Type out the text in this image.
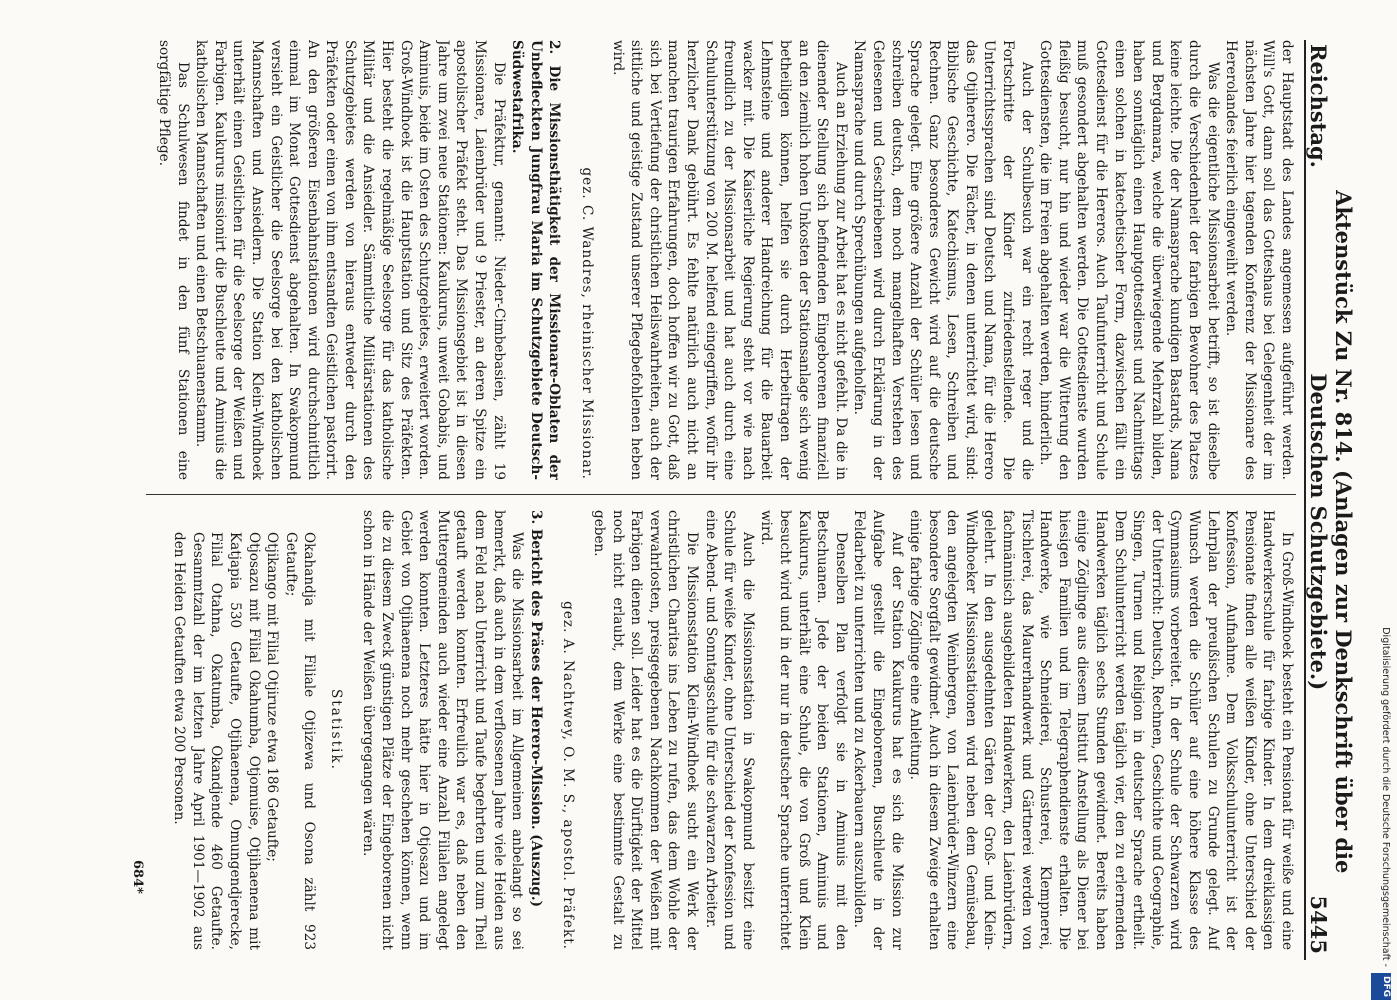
Reichstag.
Aktenstück Zu Nr. 814. (Anlagen zur Denkschrift über die Deutschen Schutzgebiete.)
5445

der Hauptstadt des Landes angemessen aufgeführt werden. Will's Gott, dann soll das Gotteshaus bei Gelegenheit der im nächsten Jahre hier tagenden Konferenz der Missionare des Hererolandes feierlich eingeweiht werden.

Was die eigentliche Missionsarbeit betrifft, so ist dieselbe durch die Verschiedenheit der farbigen Bewohner des Platzes keine leichte. Die der Namasprache kundigen Bastards, Nama und Bergdamara, welche die überwiegende Mehrzahl bilden, haben sonntäglich einen Hauptgottesdienst und Nachmittags einen solchen in katechetischer Form, dazwischen fällt ein Gottesdienst für die Hereros. Auch Taufunterricht und Schule muß gesondert abgehalten werden. Die Gottesdienste wurden fleißig besucht, nur hin und wieder war die Witterung den Gottesdiensten, die im Freien abgehalten werden, hinderlich.

Auch der Schulbesuch war ein recht reger und die Fortschritte der Kinder zufriedenstellende. Die Unterrichtssprachen sind Deutsch und Nama, für die Herero das Otjiherero. Die Fächer, in denen unterrichtet wird, sind: Biblische Geschichte, Katechismus, Lesen, Schreiben und Rechnen. Ganz besonderes Gewicht wird auf die deutsche Sprache gelegt. Eine größere Anzahl der Schüler lesen und schreiben deutsch, dem noch mangelhaften Verstehen des Gelesenen und Geschriebenen wird durch Erklärung in der Namasprache und durch Sprechübungen aufgeholfen.

Auch an Erziehung zur Arbeit hat es nicht gefehlt. Da die in dienender Stellung sich befindenden Eingeborenen finanziell an den ziemlich hohen Unkosten der Stationsanlage sich wenig betheiligen können, helfen sie durch Herbeitragen der Lehmsteine und anderer Handreichung für die Bauarbeit wacker mit. Die Kaiserliche Regierung steht vor wie nach freundlich zu der Missionsarbeit und hat auch durch eine Schulunterstützung von 200 M. helfend eingegriffen, wofür ihr herzlicher Dank gebührt. Es fehlte natürlich auch nicht an manchen traurigen Erfahrungen, doch hoffen wir zu Gott, daß sich bei Vertiefung der christlichen Heilswahrheiten, auch der sittliche und geistige Zustand unserer Pflegebefohlenen heben wird.

gez. C. Wandres, rheinischer Missionar.

2. Die Missionsthätigkeit der Missionare-Oblaten der Unbefleckten Jungfrau Maria im Schutzgebiete Deutsch-Südwestafrika.

Die Präfektur, genannt: Nieder-Cimbebasien, zählt 19 Missionare, Laienbrüder und 9 Priester, an deren Spitze ein apostolischer Präfekt steht. Das Missionsgebiet ist in diesen Jahre um zwei neue Stationen: Kaukurus, unweit Gobabis, und Aminuis, beide im Osten des Schutzgebietes, erweitert worden. Groß-Windhoek ist die Hauptstation und Sitz des Präfekten. Hier besteht die regelmäßige Seelsorge für das katholische Militär und die Ansiedler. Sämmtliche Militärstationen des Schutzgebietes werden von hieraus entweder durch den Präfekten oder einen von ihm entsandten Geistlichen pastorirt. An den größeren Eisenbahnstationen wird durchschnittlich einmal im Monat Gottesdienst abgehalten. In Swakopmund versieht ein Geistlicher die Seelsorge bei den katholischen Mannschaften und Ansiedlern. Die Station Klein-Windhoek unterhält einen Geistlichen für die Seelsorge der Weißen und Farbigen. Kaukurus missionirt die Buschleute und Aminuis die katholischen Mannschaften und einen Betschuanenstamm.

Das Schulwesen findet in den fünf Stationen eine sorgfältige Pflege.

In Groß-Windhoek besteht ein Pensionat für weiße und eine Handwerkerschule für farbige Kinder. In dem dreiklassigen Pensionate finden alle weißen Kinder, ohne Unterschied der Konfession, Aufnahme. Dem Volksschulunterricht ist der Lehrplan der preußischen Schulen zu Grunde gelegt. Auf Wunsch werden die Schüler auf eine höhere Klasse des Gymnasiums vorbereitet. In der Schule der Schwarzen wird der Unterricht: Deutsch, Rechnen, Geschichte und Geographie, Singen, Turnen und Religion in deutscher Sprache ertheilt. Dem Schulunterricht werden täglich vier, den zu erlernenden Handwerken täglich sechs Stunden gewidmet. Bereits haben einige Zöglinge aus diesem Institut Anstellung als Diener bei hiesigen Familien und im Telegraphendienste erhalten. Die Handwerke, wie Schneiderei, Schusterei, Klempnerei, Tischlerei, das Maurerhandwerk und Gärtnerei werden von fachmännisch ausgebildeten Handwerkern, den Laienbrüdern, gelehrt. In den ausgedehnten Gärten der Groß- und Klein-Windhoeker Missionsstationen wird neben dem Gemüsebau, den angelegten Weinbergen, von Laienbrüder-Winzern eine besondere Sorgfalt gewidmet. Auch in diesem Zweige erhalten einige farbige Zöglinge eine Anleitung.

Auf der Station Kaukurus hat es sich die Mission zur Aufgabe gestellt die Eingeborenen, Buschleute in der Feldarbeit zu unterrichten und zu Ackerbauern auszubilden.

Denselben Plan verfolgt sie in Aminuis mit den Betschuanen. Jede der beiden Stationen, Aminuis und Kaukurus, unterhält eine Schule, die von Groß und Klein besucht wird und in der nur in deutscher Sprache unterrichtet wird.

Auch die Missionsstation in Swakopmund besitzt eine Schule für weiße Kinder, ohne Unterschied der Konfession und eine Abend- und Sonntagsschule für die schwarzen Arbeiter.

Die Missionsstation Klein-Windhoek sucht ein Werk der christlichen Charitas ins Leben zu rufen, das dem Wohle der verwahrlosten, preisgegebenen Nachkommen der Weißen mit Farbigen dienen soll. Leider hat es die Dürftigkeit der Mittel noch nicht erlaubt, dem Werke eine bestimmte Gestalt zu geben.

gez. A. Nachtwey, O. M. S., apostol. Präfekt.

3. Bericht des Präses der Herero-Mission. (Auszug.)

Was die Missionsarbeit im Allgemeinen anbelangt so sei bemerkt, daß auch in dem verflossenen Jahre viele Heiden aus dem Feld nach Unterricht und Taufe begehrten und zum Theil getauft werden konnten. Erfreulich war es, daß neben den Muttergemeinden auch wieder eine Anzahl Filialen angelegt werden konnten. Letzteres hätte hier in Otjosazu und im Gebiet von Otjihaenena noch mehr geschehen können, wenn die zu diesem Zweck günstigen Plätze der Eingeborenen nicht schon in Hände der Weißen übergegangen wären.

Statistik.

Okahandja mit Filiale Otjizewa und Osona zählt 923 Getaufte;

Otjikango mit Filial Otjiruze etwa 186 Getaufte;

Otjosazu mit Filial Okahumba, Otjomuise, Otjihaenena mit Katjapia 530 Getaufte, Otjihaenena, Omungendjerecke, Filial Otahna, Okatumba, Okandjende 460 Getaufte. Gesammtzahl der im letzten Jahre April 1901—1902 aus den Heiden Getauften etwa 200 Personen.

684*	Digitalisierung gefördert durch die Deutsche Forschungsgemeinschaft -
DFG
